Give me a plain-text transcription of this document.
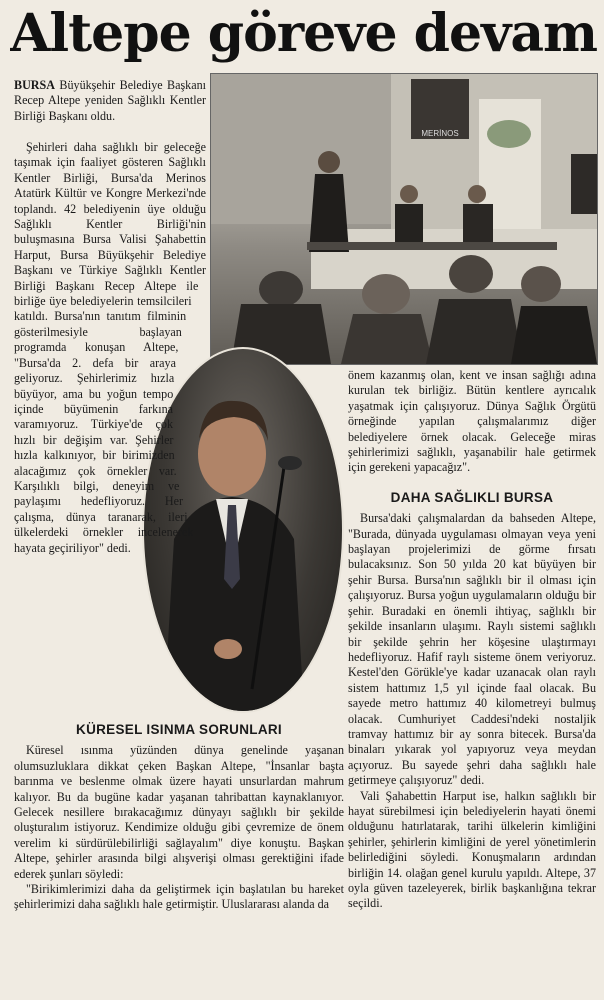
Altepe göreve devam
MERİNOS

BURSA Büyükşehir Belediye Başkanı Recep Altepe yeniden Sağlıklı Kentler Birliği Başkanı oldu.

Şehirleri daha sağlıklı bir geleceğe taşımak için faaliyet gösteren Sağlıklı Kentler Birliği, Bursa'da Merinos Atatürk Kültür ve Kongre Merkezi'nde toplandı. 42 belediyenin üye olduğu Sağlıklı Kentler Birliği'nin buluşmasına Bursa Valisi Şahabettin Harput, Bursa Büyükşehir Belediye Başkanı ve Türkiye Sağlıklı Kentler Birliği Başkanı Recep Altepe ile birliğe üye belediyelerin temsilcileri katıldı. Bursa'nın tanıtım filminin gösterilmesiyle başlayan programda konuşan Altepe, "Bursa'da 2. defa bir araya geliyoruz. Şehirlerimiz hızla büyüyor, ama bu yoğun tempo içinde büyümenin farkına varamıyoruz. Türkiye'de çok hızlı bir değişim var. Şehirler hızla kalkınıyor, bir birimizden alacağımız çok örnekler var. Karşılıklı bilgi, deneyim ve paylaşımı hedefliyoruz. Her çalışma, dünya taranarak, ileri ülkelerdeki örnekler incelenerek hayata geçiriliyor" dedi.

KÜRESEL ISINMA SORUNLARI

Küresel ısınma yüzünden dünya genelinde yaşanan olumsuzluklara dikkat çeken Başkan Altepe, "İnsanlar başta barınma ve beslenme olmak üzere hayati unsurlardan mahrum kalıyor. Bu da bugüne kadar yaşanan tahribattan kaynaklanıyor. Gelecek nesillere bırakacağımız dünyayı sağlıklı bir şekilde oluşturalım istiyoruz. Kendimize olduğu gibi çevremize de önem verelim ki sürdürülebilirliği sağlayalım" diye konuştu. Başkan Altepe, şehirler arasında bilgi alışverişi olması gerektiğini ifade ederek şunları söyledi:

"Birikimlerimizi daha da geliştirmek için başlatılan bu hareket şehirlerimizi daha sağlıklı hale getirmiştir. Uluslararası alanda da

önem kazanmış olan, kent ve insan sağlığı adına kurulan tek birliğiz. Bütün kentlere ayrıcalık yaşatmak için çalışıyoruz. Dünya Sağlık Örgütü örneğinde yapılan çalışmalarımız diğer belediyelere örnek olacak. Geleceğe miras şehirlerimizi sağlıklı, yaşanabilir hale getirmek için gerekeni yapacağız".

DAHA SAĞLIKLI BURSA

Bursa'daki çalışmalardan da bahseden Altepe, "Burada, dünyada uygulaması olmayan veya yeni başlayan projelerimizi de görme fırsatı bulacaksınız. Son 50 yılda 20 kat büyüyen bir şehir Bursa. Bursa'nın sağlıklı bir il olması için çalışıyoruz. Bursa yoğun uygulamaların olduğu bir şehir. Buradaki en önemli ihtiyaç, sağlıklı bir şekilde insanların ulaşımı. Raylı sistemi sağlıklı bir şekilde şehrin her köşesine ulaştırmayı hedefliyoruz. Hafif raylı sisteme önem veriyoruz. Kestel'den Görükle'ye kadar uzanacak olan raylı sistem hattımız 1,5 yıl içinde faal olacak. Bu sayede metro hattımız 40 kilometreyi bulmuş olacak. Cumhuriyet Caddesi'ndeki nostaljik tramvay hattımız bir ay sonra bitecek. Bursa'da binaları yıkarak yol yapıyoruz veya meydan açıyoruz. Bu sayede şehri daha sağlıklı hale getirmeye çalışıyoruz" dedi.

Vali Şahabettin Harput ise, halkın sağlıklı bir hayat sürebilmesi için belediyelerin hayati önemi olduğunu hatırlatarak, tarihi ülkelerin kimliğini şehirler, şehirlerin kimliğini de yerel yönetimlerin belirlediğini söyledi. Konuşmaların ardından birliğin 14. olağan genel kurulu yapıldı. Altepe, 37 oyla güven tazeleyerek, birlik başkanlığına tekrar seçildi.
